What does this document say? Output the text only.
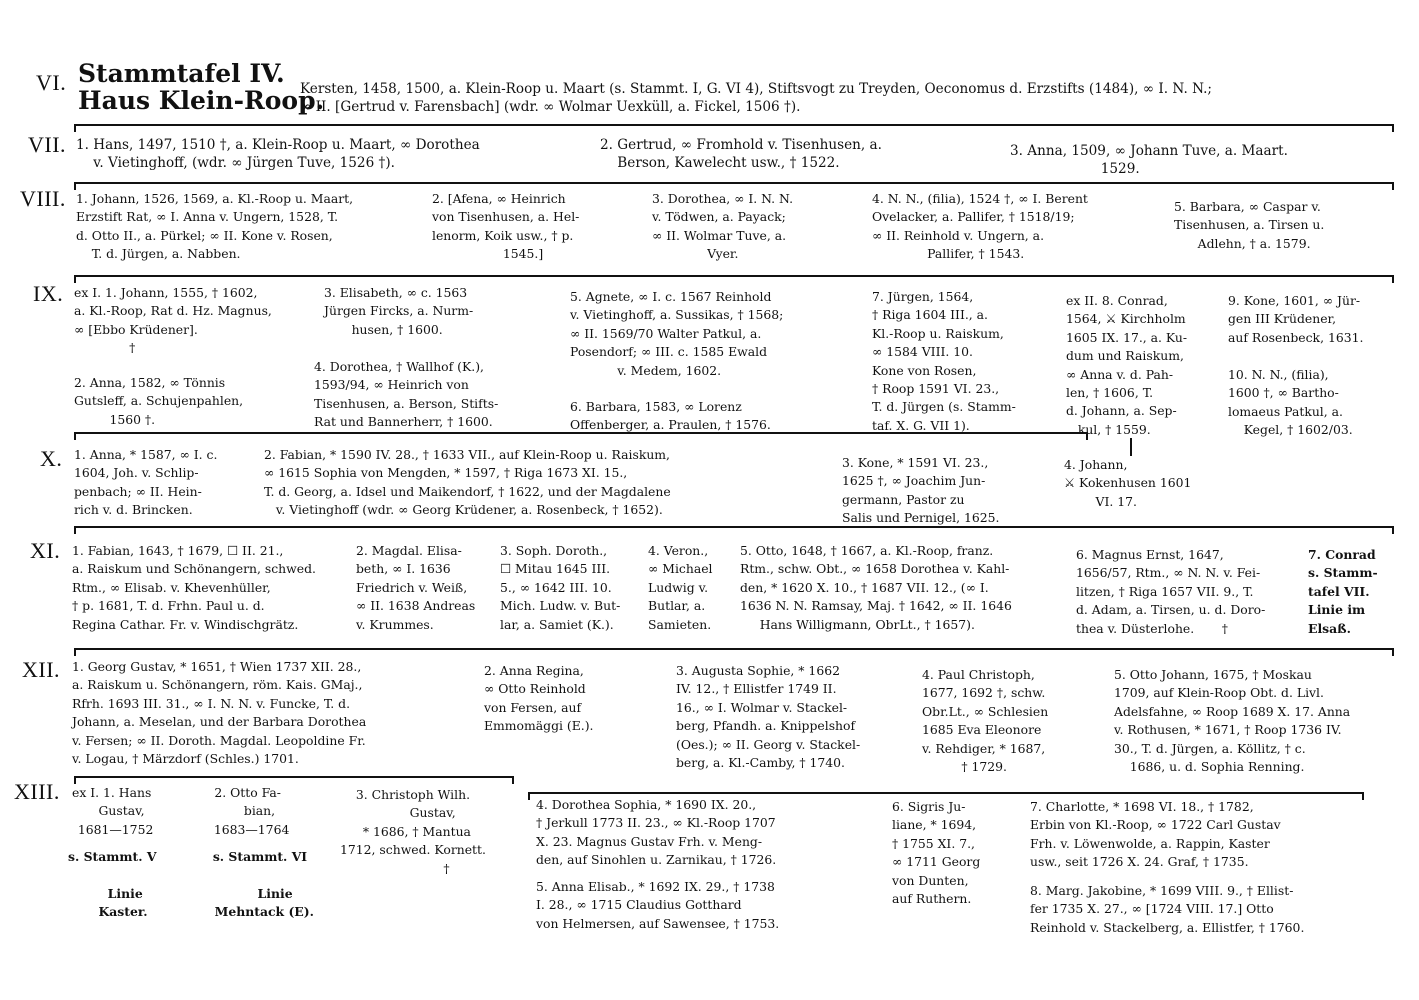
Stammtafel IV.
Haus Klein-Roop.
VI.
VII.
VIII.
IX.
X.
XI.
XII.
XIII.
Kersten, 1458, 1500, a. Klein-Roop u. Maart (s. Stammt. I, G. VI 4), Stiftsvogt zu Treyden, Oeconomus d. Erzstifts (1484), ∞ I. N. N.;
∞ II. [Gertrud v. Farensbach] (wdr. ∞ Wolmar Uexküll, a. Fickel, 1506 †).
1. Hans, 1497, 1510 †, a. Klein-Roop u. Maart, ∞ Dorothea
v. Vietinghoff, (wdr. ∞ Jürgen Tuve, 1526 †).
2. Gertrud, ∞ Fromhold v. Tisenhusen, a.
Berson, Kawelecht usw., † 1522.
3. Anna, 1509, ∞ Johann Tuve, a. Maart.
1529.
1. Johann, 1526, 1569, a. Kl.-Roop u. Maart,
Erzstift Rat, ∞ I. Anna v. Ungern, 1528, T.
d. Otto II., a. Pürkel; ∞ II. Kone v. Rosen,
T. d. Jürgen, a. Nabben.
2. [Afena, ∞ Heinrich
von Tisenhusen, a. Hel-
lenorm, Koik usw., † p.
1545.]
3. Dorothea, ∞ I. N. N.
v. Tödwen, a. Payack;
∞ II. Wolmar Tuve, a.
Vyer.
4. N. N., (filia), 1524 †, ∞ I. Berent
Ovelacker, a. Pallifer, † 1518/19;
∞ II. Reinhold v. Ungern, a.
Pallifer, † 1543.
5. Barbara, ∞ Caspar v.
Tisenhusen, a. Tirsen u.
Adlehn, † a. 1579.
ex I. 1. Johann, 1555, † 1602,
a. Kl.-Roop, Rat d. Hz. Magnus,
∞ [Ebbo Krüdener].
†
2. Anna, 1582, ∞ Tönnis
Gutsleff, a. Schujenpahlen,
1560 †.
3. Elisabeth, ∞ c. 1563
Jürgen Fircks, a. Nurm-
husen, † 1600.
4. Dorothea, † Wallhof (K.),
1593/94, ∞ Heinrich von
Tisenhusen, a. Berson, Stifts-
Rat und Bannerherr, † 1600.
5. Agnete, ∞ I. c. 1567 Reinhold
v. Vietinghoff, a. Sussikas, † 1568;
∞ II. 1569/70 Walter Patkul, a.
Posendorf; ∞ III. c. 1585 Ewald
v. Medem, 1602.
6. Barbara, 1583, ∞ Lorenz
Offenberger, a. Praulen, † 1576.
7. Jürgen, 1564,
† Riga 1604 III., a.
Kl.-Roop u. Raiskum,
∞ 1584 VIII. 10.
Kone von Rosen,
† Roop 1591 VI. 23.,
T. d. Jürgen (s. Stamm-
taf. X. G. VII 1).
ex II. 8. Conrad,
1564, ⚔ Kirchholm
1605 IX. 17., a. Ku-
dum und Raiskum,
∞ Anna v. d. Pah-
len, † 1606, T.
d. Johann, a. Sep-
kul, † 1559.
9. Kone, 1601, ∞ Jür-
gen III Krüdener,
auf Rosenbeck, 1631.
10. N. N., (filia),
1600 †, ∞ Bartho-
lomaeus Patkul, a.
Kegel, † 1602/03.
1. Anna, * 1587, ∞ I. c.
1604, Joh. v. Schlip-
penbach; ∞ II. Hein-
rich v. d. Brincken.
2. Fabian, * 1590 IV. 28., † 1633 VII., auf Klein-Roop u. Raiskum,
∞ 1615 Sophia von Mengden, * 1597, † Riga 1673 XI. 15.,
T. d. Georg, a. Idsel und Maikendorf, † 1622, und der Magdalene
v. Vietinghoff (wdr. ∞ Georg Krüdener, a. Rosenbeck, † 1652).
3. Kone, * 1591 VI. 23.,
1625 †, ∞ Joachim Jun-
germann, Pastor zu
Salis und Pernigel, 1625.
4. Johann,
⚔ Kokenhusen 1601
VI. 17.
1. Fabian, 1643, † 1679, ☐ II. 21.,
a. Raiskum und Schönangern, schwed.
Rtm., ∞ Elisab. v. Khevenhüller,
† p. 1681, T. d. Frhn. Paul u. d.
Regina Cathar. Fr. v. Windischgrätz.
2. Magdal. Elisa-
beth, ∞ I. 1636
Friedrich v. Weiß,
∞ II. 1638 Andreas
v. Krummes.
3. Soph. Doroth.,
☐ Mitau 1645 III.
5., ∞ 1642 III. 10.
Mich. Ludw. v. But-
lar, a. Samiet (K.).
4. Veron.,
∞ Michael
Ludwig v.
Butlar, a.
Samieten.
5. Otto, 1648, † 1667, a. Kl.-Roop, franz.
Rtm., schw. Obt., ∞ 1658 Dorothea v. Kahl-
den, * 1620 X. 10., † 1687 VII. 12., (∞ I.
1636 N. N. Ramsay, Maj. † 1642, ∞ II. 1646
Hans Willigmann, ObrLt., † 1657).
6. Magnus Ernst, 1647,
1656/57, Rtm., ∞ N. N. v. Fei-
litzen, † Riga 1657 VII. 9., T.
d. Adam, a. Tirsen, u. d. Doro-
thea v. Düsterlohe.       †
7. Conrad
s. Stamm-
tafel VII.
Linie im
Elsaß.
1. Georg Gustav, * 1651, † Wien 1737 XII. 28.,
a. Raiskum u. Schönangern, röm. Kais. GMaj.,
Rfrh. 1693 III. 31., ∞ I. N. N. v. Funcke, T. d.
Johann, a. Meselan, und der Barbara Dorothea
v. Fersen; ∞ II. Doroth. Magdal. Leopoldine Fr.
v. Logau, † Märzdorf (Schles.) 1701.
2. Anna Regina,
∞ Otto Reinhold
von Fersen, auf
Emmomäggi (E.).
3. Augusta Sophie, * 1662
IV. 12., † Ellistfer 1749 II.
16., ∞ I. Wolmar v. Stackel-
berg, Pfandh. a. Knippelshof
(Oes.); ∞ II. Georg v. Stackel-
berg, a. Kl.-Camby, † 1740.
4. Paul Christoph,
1677, 1692 †, schw.
Obr.Lt., ∞ Schlesien
1685 Eva Eleonore
v. Rehdiger, * 1687,
† 1729.
5. Otto Johann, 1675, † Moskau
1709, auf Klein-Roop Obt. d. Livl.
Adelsfahne, ∞ Roop 1689 X. 17. Anna
v. Rothusen, * 1671, † Roop 1736 IV.
30., T. d. Jürgen, a. Köllitz, † c.
1686, u. d. Sophia Renning.
ex I. 1. Hans
Gustav,
1681—1752
s. Stammt. V

Linie
Kaster.
2. Otto Fa-
bian,
1683—1764
s. Stammt. VI

Linie
Mehntack (E).
3. Christoph Wilh.
Gustav,
* 1686, † Mantua
1712, schwed. Kornett.
†
4. Dorothea Sophia, * 1690 IX. 20.,
† Jerkull 1773 II. 23., ∞ Kl.-Roop 1707
X. 23. Magnus Gustav Frh. v. Meng-
den, auf Sinohlen u. Zarnikau, † 1726.
5. Anna Elisab., * 1692 IX. 29., † 1738
I. 28., ∞ 1715 Claudius Gotthard
von Helmersen, auf Sawensee, † 1753.
6. Sigris Ju-
liane, * 1694,
† 1755 XI. 7.,
∞ 1711 Georg
von Dunten,
auf Ruthern.
7. Charlotte, * 1698 VI. 18., † 1782,
Erbin von Kl.-Roop, ∞ 1722 Carl Gustav
Frh. v. Löwenwolde, a. Rappin, Kaster
usw., seit 1726 X. 24. Graf, † 1735.
8. Marg. Jakobine, * 1699 VIII. 9., † Ellist-
fer 1735 X. 27., ∞ [1724 VIII. 17.] Otto
Reinhold v. Stackelberg, a. Ellistfer, † 1760.
